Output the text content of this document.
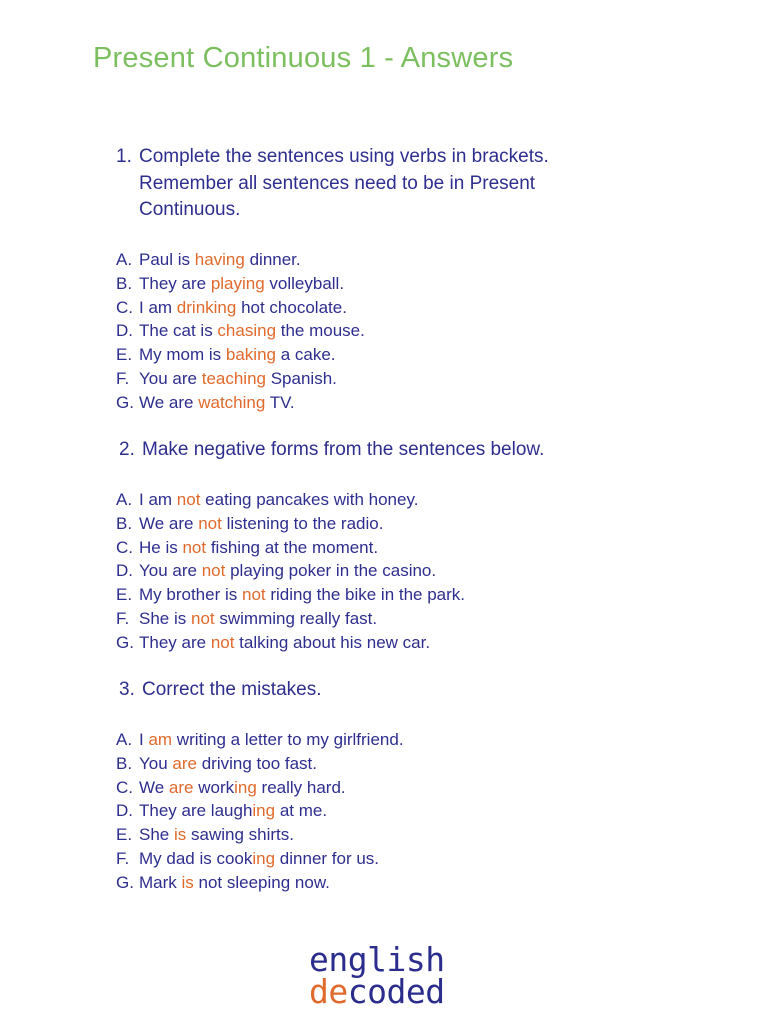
Present Continuous 1 - Answers
1. Complete the sentences using verbs in brackets. Remember all sentences need to be in Present Continuous.
A. Paul is having dinner.
B. They are playing volleyball.
C. I am drinking hot chocolate.
D. The cat is chasing the mouse.
E. My mom is baking a cake.
F. You are teaching Spanish.
G. We are watching TV.
2. Make negative forms from the sentences below.
A. I am not eating pancakes with honey.
B. We are not listening to the radio.
C. He is not fishing at the moment.
D. You are not playing poker in the casino.
E. My brother is not riding the bike in the park.
F. She is not swimming really fast.
G. They are not talking about his new car.
3. Correct the mistakes.
A. I am writing a letter to my girlfriend.
B. You are driving too fast.
C. We are working really hard.
D. They are laughing at me.
E. She is sawing shirts.
F. My dad is cooking dinner for us.
G. Mark is not sleeping now.
english
decoded
